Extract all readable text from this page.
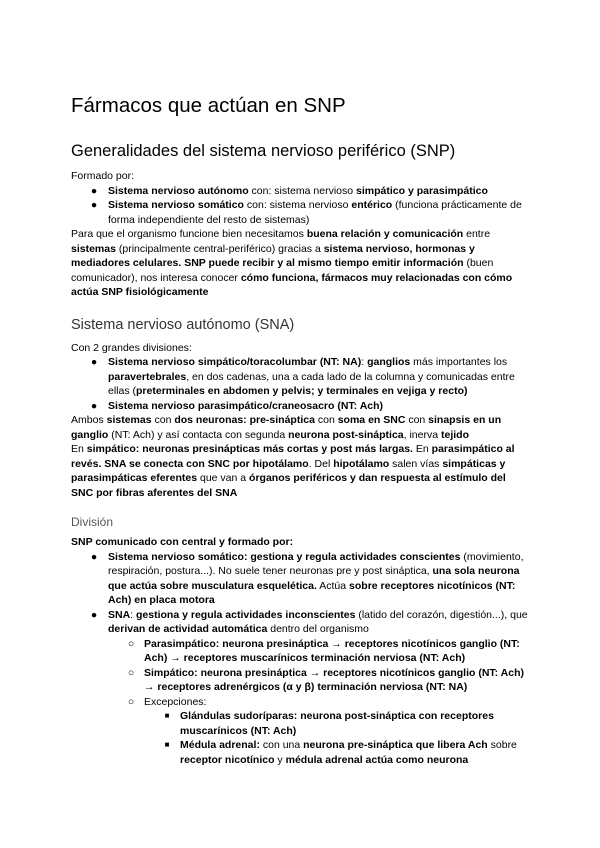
Fármacos que actúan en SNP
Generalidades del sistema nervioso periférico (SNP)

Formado por:

● Sistema nervioso autónomo con: sistema nervioso simpático y parasimpático
● Sistema nervioso somático con: sistema nervioso entérico (funciona prácticamente de forma independiente del resto de sistemas)

Para que el organismo funcione bien necesitamos buena relación y comunicación entre sistemas (principalmente central-periférico) gracias a sistema nervioso, hormonas y mediadores celulares. SNP puede recibir y al mismo tiempo emitir información (buen comunicador), nos interesa conocer cómo funciona, fármacos muy relacionadas con cómo actúa SNP fisiológicamente

Sistema nervioso autónomo (SNA)

Con 2 grandes divisiones:

● Sistema nervioso simpático/toracolumbar (NT: NA): ganglios más importantes los paravertebrales, en dos cadenas, una a cada lado de la columna y comunicadas entre ellas (preterminales en abdomen y pelvis; y terminales en vejiga y recto)
● Sistema nervioso parasimpático/craneosacro (NT: Ach)

Ambos sistemas con dos neuronas: pre-sináptica con soma en SNC con sinapsis en un ganglio (NT: Ach) y así contacta con segunda neurona post-sináptica, inerva tejido

En simpático: neuronas presinápticas más cortas y post más largas. En parasimpático al revés. SNA se conecta con SNC por hipotálamo. Del hipotálamo salen vías simpáticas y parasimpáticas eferentes que van a órganos periféricos y dan respuesta al estímulo del SNC por fibras aferentes del SNA

División

SNP comunicado con central y formado por:

● Sistema nervioso somático: gestiona y regula actividades conscientes (movimiento, respiración, postura...). No suele tener neuronas pre y post sináptica, una sola neurona que actúa sobre musculatura esquelética. Actúa sobre receptores nicotínicos (NT: Ach) en placa motora
● SNA: gestiona y regula actividades inconscientes (latido del corazón, digestión...), que derivan de actividad automática dentro del organismo
○ Parasimpático: neurona presináptica → receptores nicotínicos ganglio (NT: Ach) → receptores muscarínicos terminación nerviosa (NT: Ach)
○ Simpático: neurona presináptica → receptores nicotínicos ganglio (NT: Ach) → receptores adrenérgicos (α y β) terminación nerviosa (NT: NA)
○ Excepciones:
■	Glándulas sudoríparas: neurona post-sináptica con receptores muscarínicos (NT: Ach)
■	Médula adrenal: con una neurona pre-sináptica que libera Ach sobre receptor nicotínico y médula adrenal actúa como neurona
